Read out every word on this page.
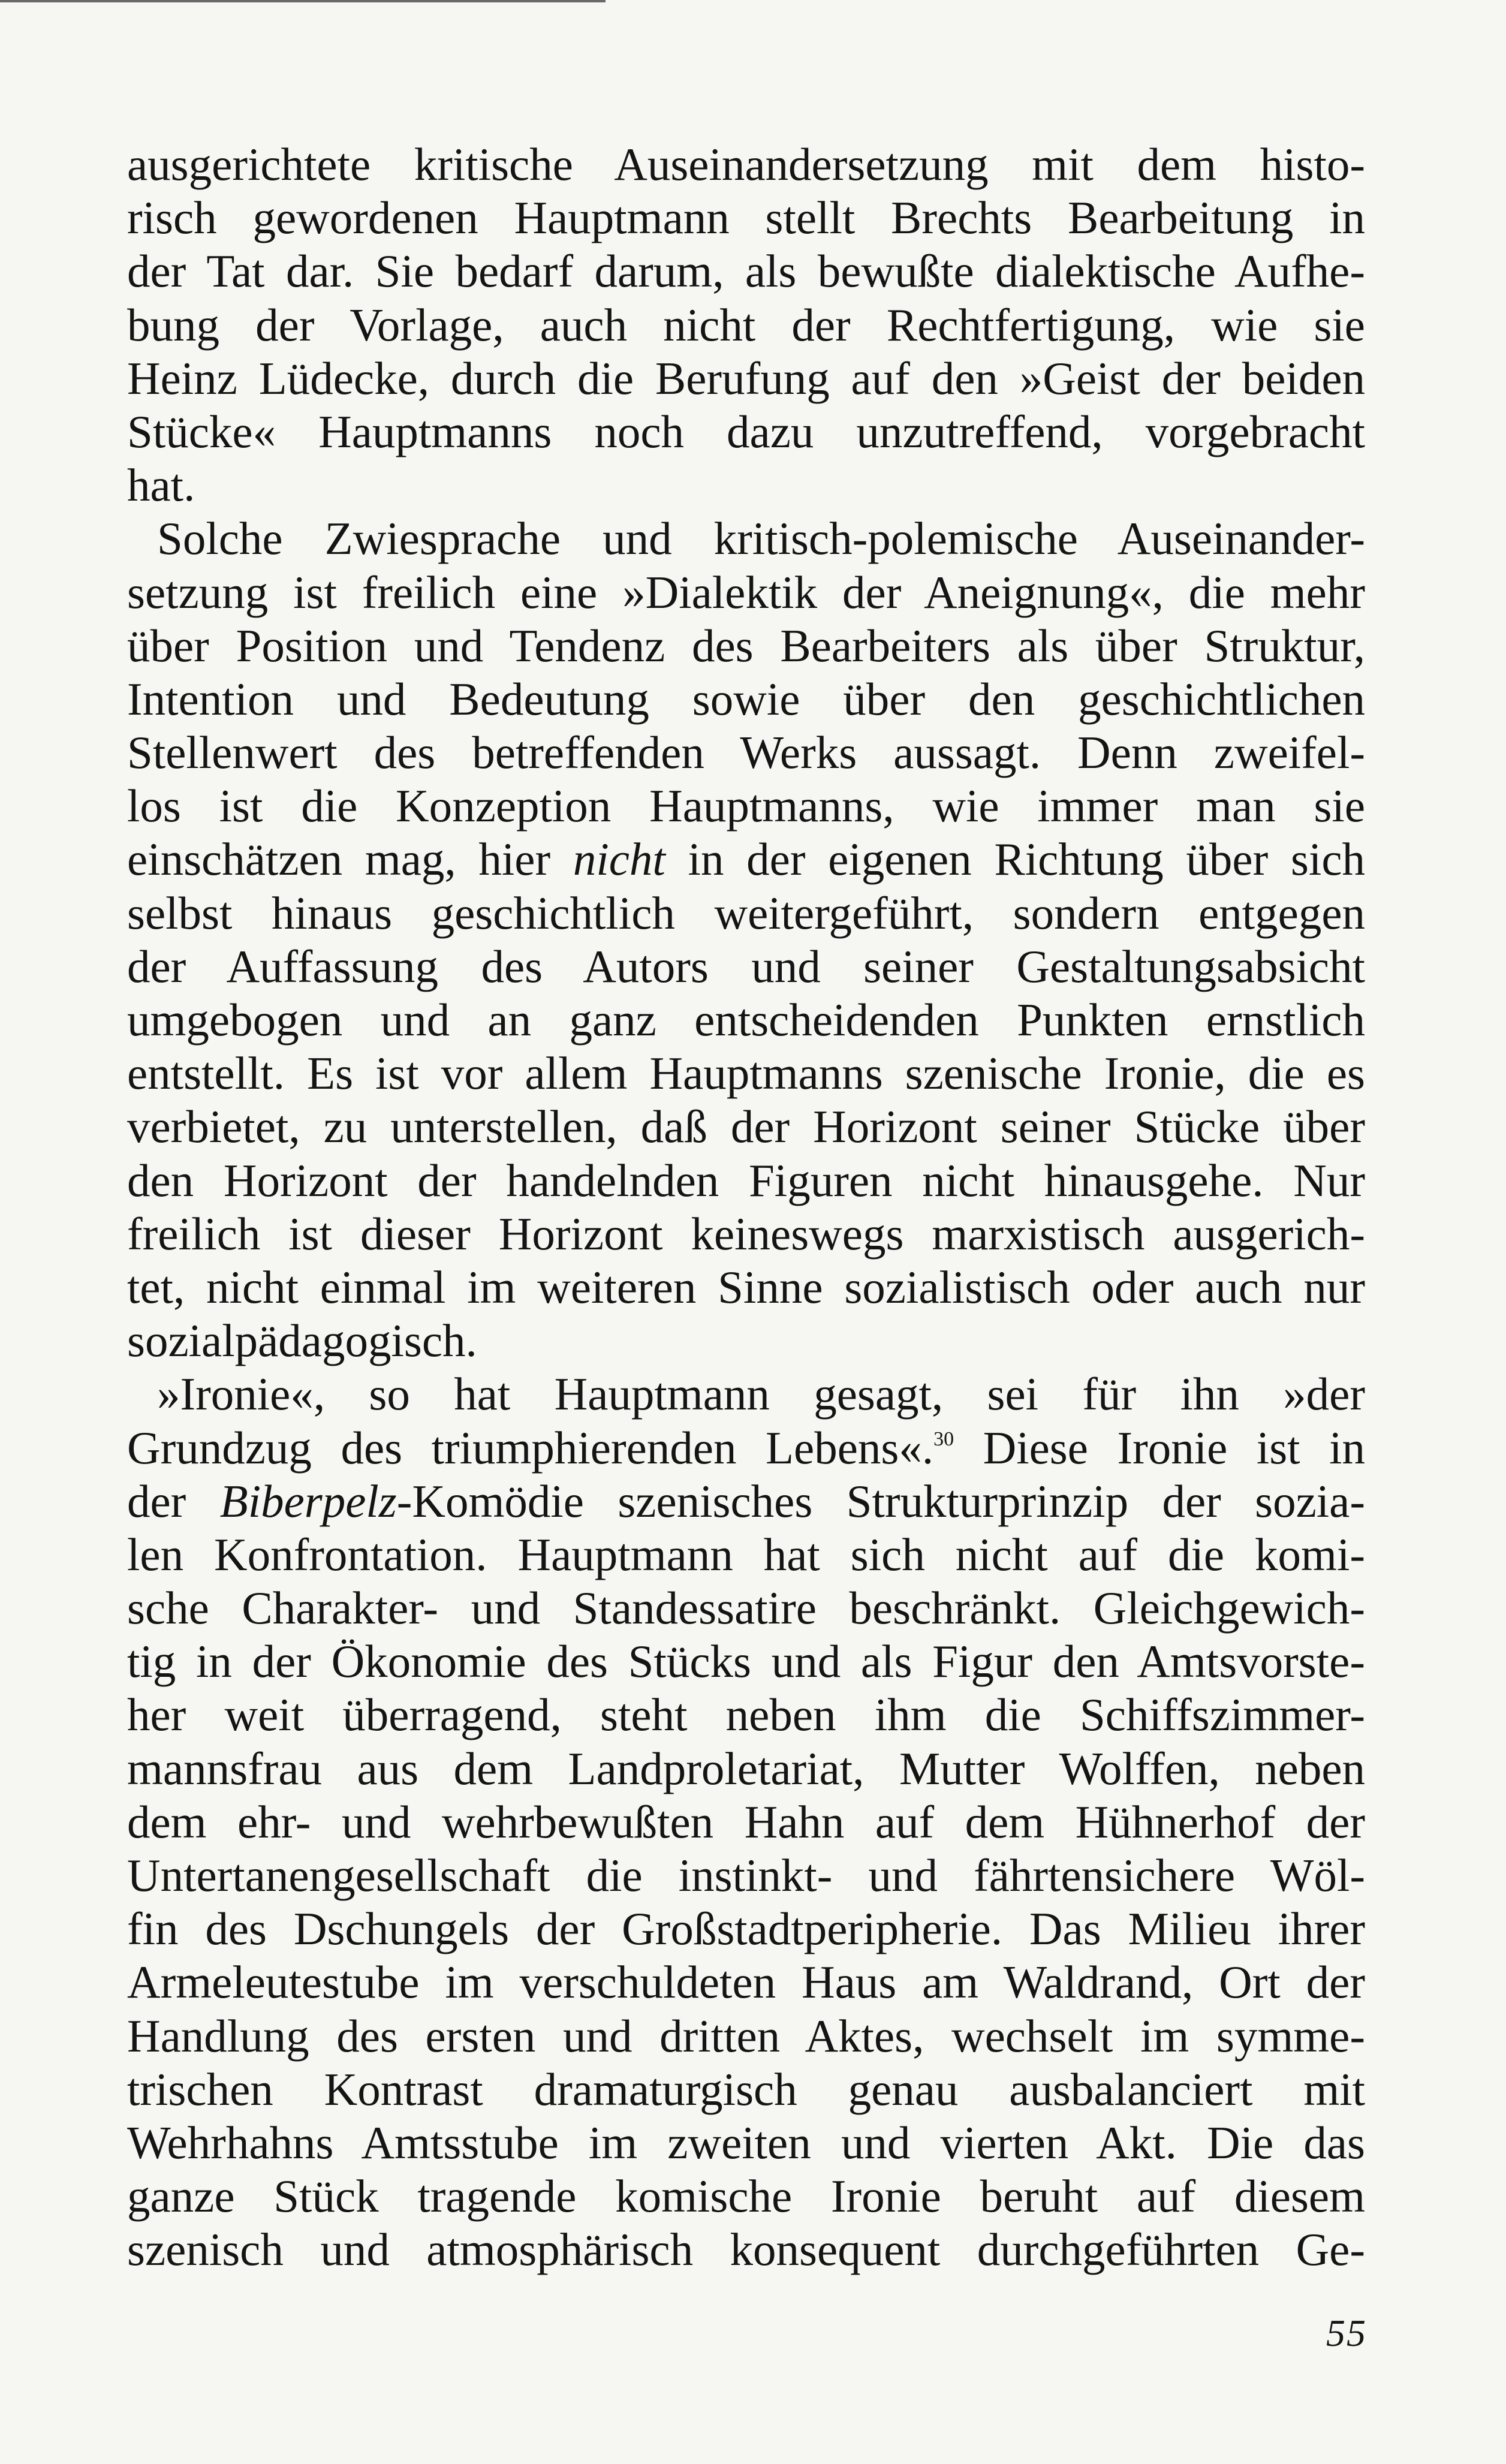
ausgerichtete kritische Auseinandersetzung mit dem histo-
risch gewordenen Hauptmann stellt Brechts Bearbeitung in
der Tat dar. Sie bedarf darum, als bewußte dialektische Aufhe-
bung der Vorlage, auch nicht der Rechtfertigung, wie sie
Heinz Lüdecke, durch die Berufung auf den »Geist der beiden
Stücke« Hauptmanns noch dazu unzutreffend, vorgebracht
hat.
Solche Zwiesprache und kritisch-polemische Auseinander-
setzung ist freilich eine »Dialektik der Aneignung«, die mehr
über Position und Tendenz des Bearbeiters als über Struktur,
Intention und Bedeutung sowie über den geschichtlichen
Stellenwert des betreffenden Werks aussagt. Denn zweifel-
los ist die Konzeption Hauptmanns, wie immer man sie
einschätzen mag, hier nicht in der eigenen Richtung über sich
selbst hinaus geschichtlich weitergeführt, sondern entgegen
der Auffassung des Autors und seiner Gestaltungsabsicht
umgebogen und an ganz entscheidenden Punkten ernstlich
entstellt. Es ist vor allem Hauptmanns szenische Ironie, die es
verbietet, zu unterstellen, daß der Horizont seiner Stücke über
den Horizont der handelnden Figuren nicht hinausgehe. Nur
freilich ist dieser Horizont keineswegs marxistisch ausgerich-
tet, nicht einmal im weiteren Sinne sozialistisch oder auch nur
sozialpädagogisch.
»Ironie«, so hat Hauptmann gesagt, sei für ihn »der
Grundzug des triumphierenden Lebens«.$^{30}$ Diese Ironie ist in
der Biberpelz-Komödie szenisches Strukturprinzip der sozia-
len Konfrontation. Hauptmann hat sich nicht auf die komi-
sche Charakter- und Standessatire beschränkt. Gleichgewich-
tig in der Ökonomie des Stücks und als Figur den Amtsvorste-
her weit überragend, steht neben ihm die Schiffszimmer-
mannsfrau aus dem Landproletariat, Mutter Wolffen, neben
dem ehr- und wehrbewußten Hahn auf dem Hühnerhof der
Untertanengesellschaft die instinkt- und fährtensichere Wöl-
fin des Dschungels der Großstadtperipherie. Das Milieu ihrer
Armeleutestube im verschuldeten Haus am Waldrand, Ort der
Handlung des ersten und dritten Aktes, wechselt im symme-
trischen Kontrast dramaturgisch genau ausbalanciert mit
Wehrhahns Amtsstube im zweiten und vierten Akt. Die das
ganze Stück tragende komische Ironie beruht auf diesem
szenisch und atmosphärisch konsequent durchgeführten Ge-
55
